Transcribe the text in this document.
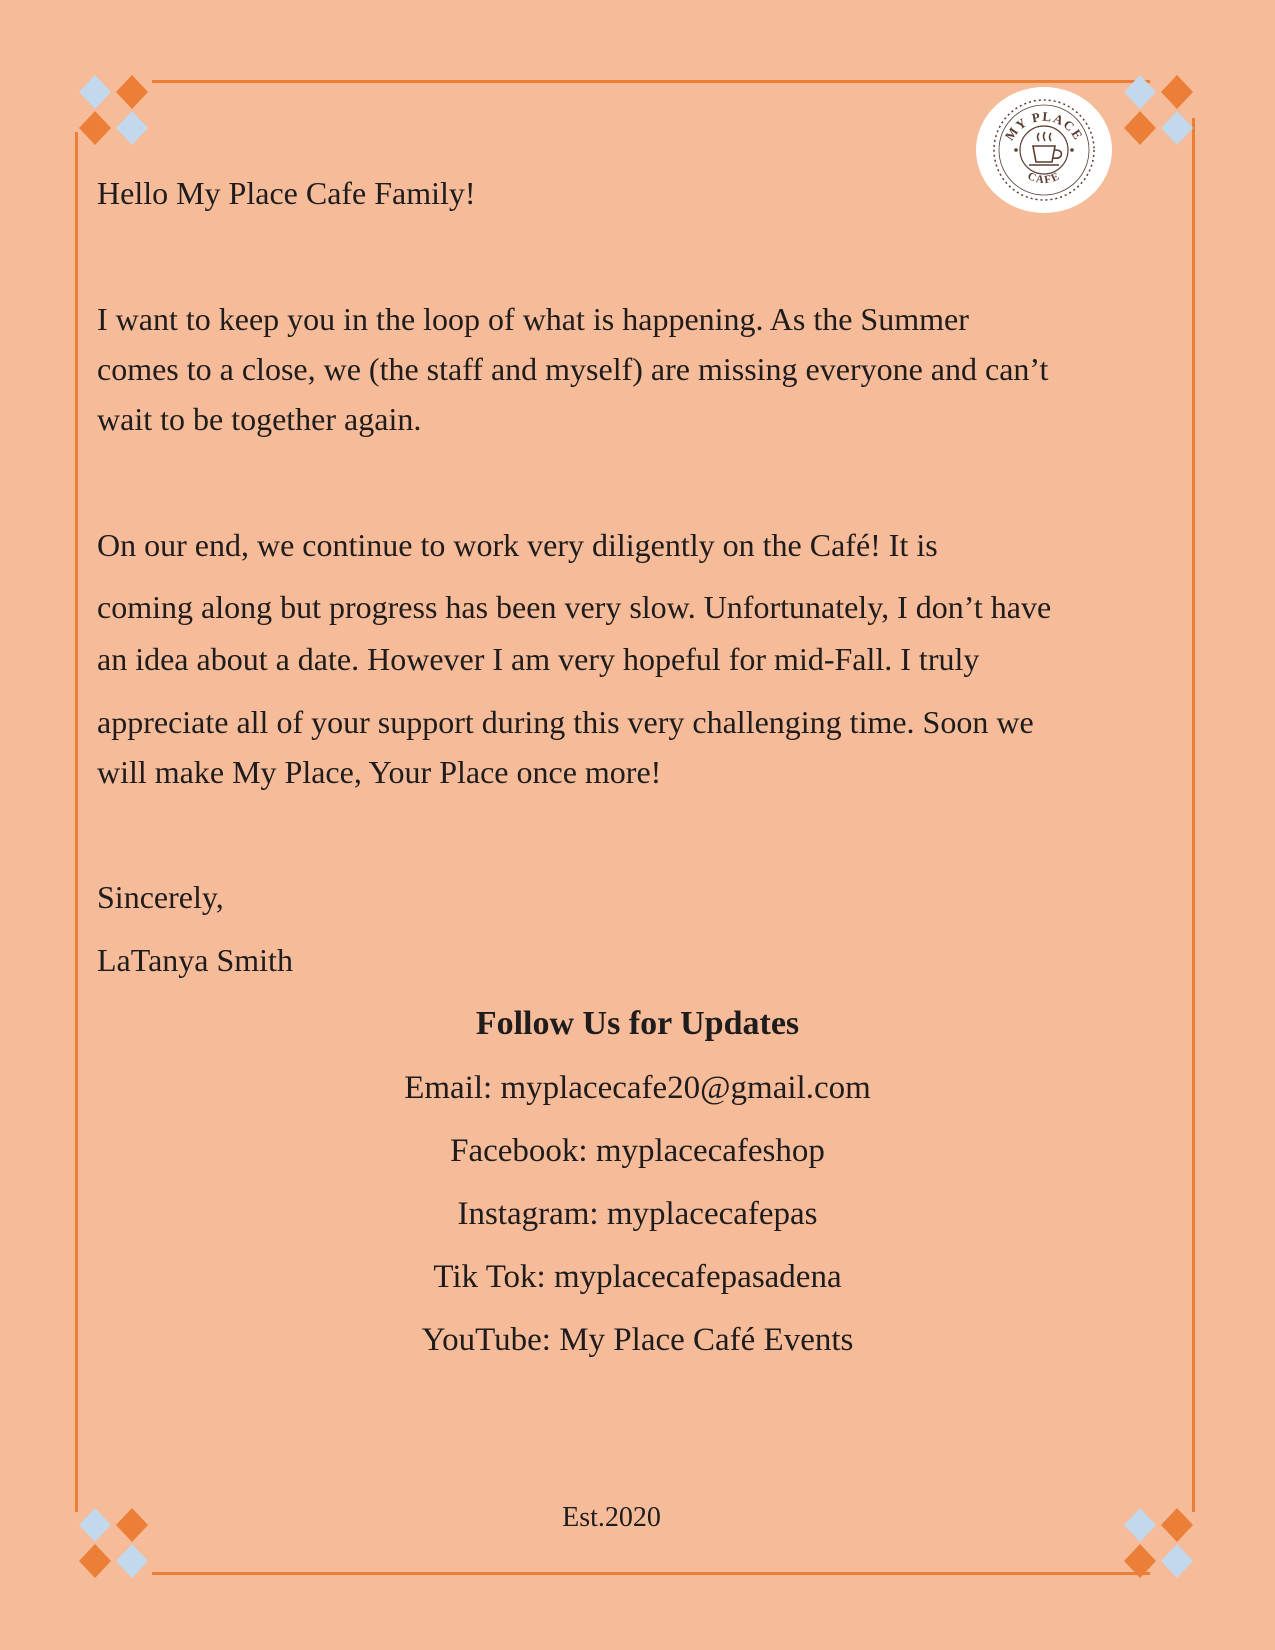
MY PLACE
CAFE
Hello My Place Cafe Family!
I want to keep you in the loop of what is happening. As the Summer
comes to a close, we (the staff and myself) are missing everyone and can’t
wait to be together again.
On our end, we continue to work very diligently on the Café! It is
coming along but progress has been very slow. Unfortunately, I don’t have
an idea about a date. However I am very hopeful for mid-Fall. I truly
appreciate all of your support during this very challenging time. Soon we
will make My Place, Your Place once more!
Sincerely,
LaTanya Smith
Follow Us for Updates
Email: myplacecafe20@gmail.com
Facebook: myplacecafeshop
Instagram: myplacecafepas
Tik Tok: myplacecafepasadena
YouTube: My Place Café Events
Est.2020
